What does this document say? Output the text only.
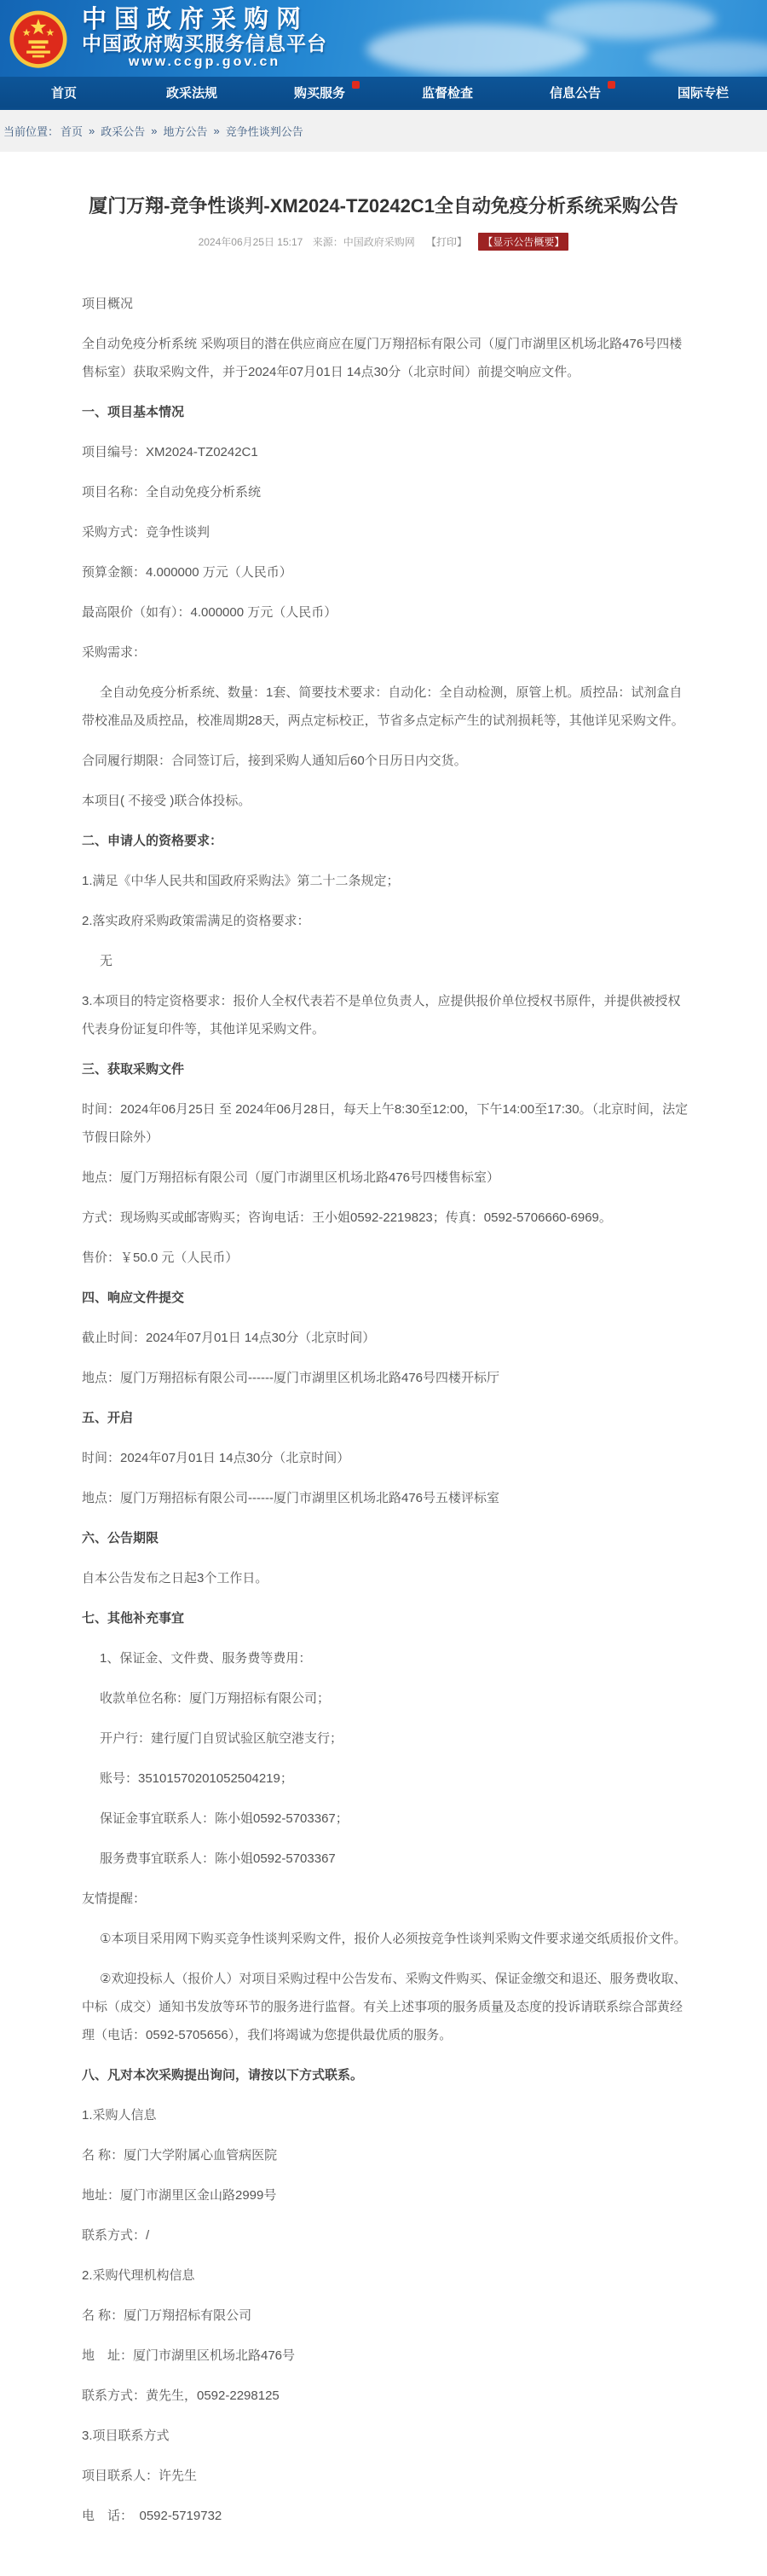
中国政府采购网
中国政府购买服务信息平台
www.ccgp.gov.cn
首页	政采法规	购买服务	监督检查	信息公告	国际专栏
当前位置： 首页 » 政采公告 » 地方公告 » 竞争性谈判公告
厦门万翔-竞争性谈判-XM2024-TZ0242C1全自动免疫分析系统采购公告
2024年06月25日 15:17 来源：中国政府采购网 【打印】 【显示公告概要】

项目概况

全自动免疫分析系统 采购项目的潜在供应商应在厦门万翔招标有限公司（厦门市湖里区机场北路476号四楼售标室）获取采购文件，并于2024年07月01日 14点30分（北京时间）前提交响应文件。

一、项目基本情况

项目编号：XM2024-TZ0242C1

项目名称：全自动免疫分析系统

采购方式：竞争性谈判

预算金额：4.000000 万元（人民币）

最高限价（如有）：4.000000 万元（人民币）

采购需求：

全自动免疫分析系统、数量：1套、简要技术要求：自动化：全自动检测，原管上机。质控品：试剂盒自带校准品及质控品，校准周期28天，两点定标校正，节省多点定标产生的试剂损耗等，其他详见采购文件。

合同履行期限：合同签订后，接到采购人通知后60个日历日内交货。

本项目( 不接受 )联合体投标。

二、申请人的资格要求：

1.满足《中华人民共和国政府采购法》第二十二条规定；

2.落实政府采购政策需满足的资格要求：

无

3.本项目的特定资格要求：报价人全权代表若不是单位负责人，应提供报价单位授权书原件，并提供被授权代表身份证复印件等，其他详见采购文件。

三、获取采购文件

时间：2024年06月25日 至 2024年06月28日，每天上午8:30至12:00，下午14:00至17:30。（北京时间，法定节假日除外）

地点：厦门万翔招标有限公司（厦门市湖里区机场北路476号四楼售标室）

方式：现场购买或邮寄购买；咨询电话：王小姐0592-2219823；传真：0592-5706660-6969。

售价：￥50.0 元（人民币）

四、响应文件提交

截止时间：2024年07月01日 14点30分（北京时间）

地点：厦门万翔招标有限公司------厦门市湖里区机场北路476号四楼开标厅

五、开启

时间：2024年07月01日 14点30分（北京时间）

地点：厦门万翔招标有限公司------厦门市湖里区机场北路476号五楼评标室

六、公告期限

自本公告发布之日起3个工作日。

七、其他补充事宜

1、保证金、文件费、服务费等费用：

收款单位名称：厦门万翔招标有限公司；

开户行：建行厦门自贸试验区航空港支行；

账号：35101570201052504219；

保证金事宜联系人：陈小姐0592-5703367；

服务费事宜联系人：陈小姐0592-5703367

友情提醒：

①本项目采用网下购买竞争性谈判采购文件，报价人必须按竞争性谈判采购文件要求递交纸质报价文件。

②欢迎投标人（报价人）对项目采购过程中公告发布、采购文件购买、保证金缴交和退还、服务费收取、中标（成交）通知书发放等环节的服务进行监督。有关上述事项的服务质量及态度的投诉请联系综合部黄经理（电话：0592-5705656），我们将竭诚为您提供最优质的服务。

八、凡对本次采购提出询问，请按以下方式联系。

1.采购人信息

名 称：厦门大学附属心血管病医院

地址：厦门市湖里区金山路2999号

联系方式：/

2.采购代理机构信息

名 称：厦门万翔招标有限公司

地　址：厦门市湖里区机场北路476号

联系方式：黄先生，0592-2298125

3.项目联系方式

项目联系人：许先生

电　话：　0592-5719732
